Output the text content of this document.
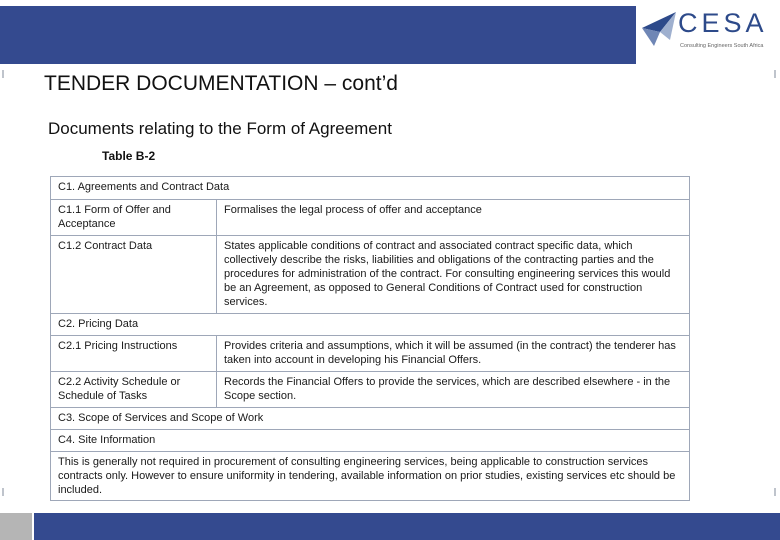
CESA
Consulting Engineers South Africa
TENDER DOCUMENTATION – cont’d
Documents relating to the Form of Agreement
Table B-2
C1. Agreements and Contract Data
C1.1 Form of Offer and Acceptance
Formalises the legal process of offer and acceptance
C1.2 Contract Data	States applicable conditions of contract and associated contract specific data, which collectively describe the risks, liabilities and obligations of the contracting parties and the procedures for administration of the contract. For consulting engineering services this would be an Agreement, as opposed to General Conditions of Contract used for construction services.
C2. Pricing Data
C2.1 Pricing Instructions	Provides criteria and assumptions, which it will be assumed (in the contract) the tenderer has taken into account in developing his Financial Offers.
C2.2 Activity Schedule or Schedule of Tasks
Records the Financial Offers to provide the services, which are described elsewhere - in the Scope section.
C3. Scope of Services and Scope of Work
C4. Site Information
This is generally not required in procurement of consulting engineering services, being applicable to construction services contracts only. However to ensure uniformity in tendering, available information on prior studies, existing services etc should be included.
